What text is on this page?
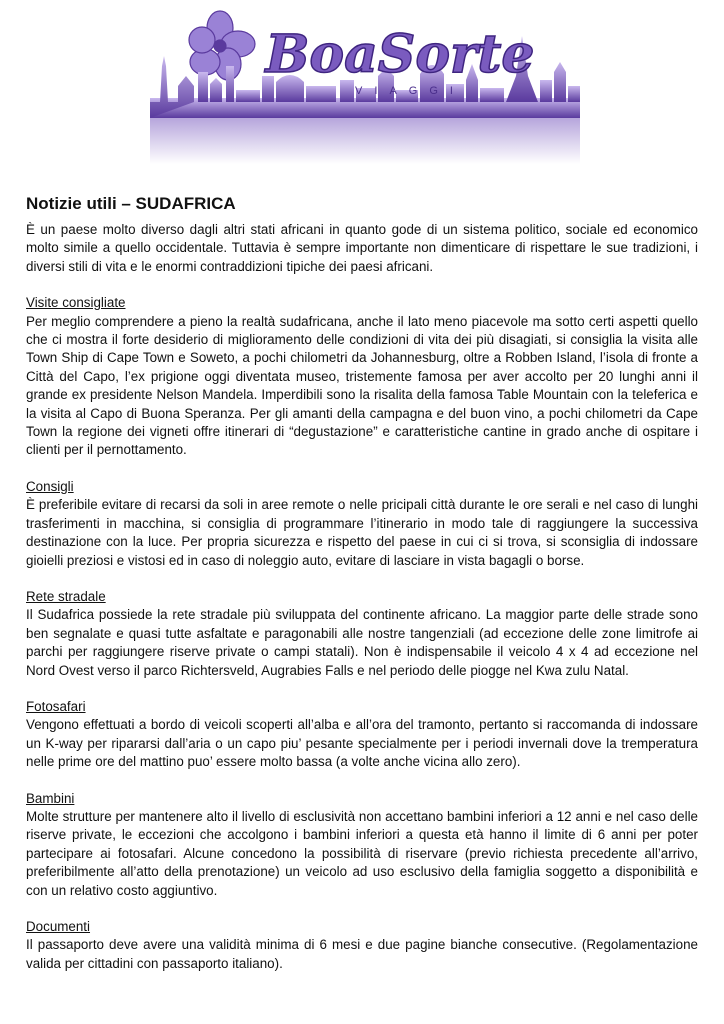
BoaSorte
VIAGGI
Notizie utili – SUDAFRICA

È un paese molto diverso dagli altri stati africani in quanto gode di un sistema politico, sociale ed economico molto simile a quello occidentale. Tuttavia è sempre importante non dimenticare di rispettare le sue tradizioni, i diversi stili di vita e le enormi contraddizioni tipiche dei paesi africani.

Visite consigliate

Per meglio comprendere a pieno la realtà sudafricana, anche il lato meno piacevole ma sotto certi aspetti quello che ci mostra il forte desiderio di miglioramento delle condizioni di vita dei più disagiati, si consiglia la visita alle Town Ship di Cape Town e Soweto, a pochi chilometri da Johannesburg, oltre a Robben Island, l’isola di fronte a Città del Capo, l’ex prigione oggi diventata museo, tristemente famosa per aver accolto per 20 lunghi anni il grande ex presidente Nelson Mandela. Imperdibili sono la risalita della famosa Table Mountain con la teleferica e la visita al Capo di Buona Speranza. Per gli amanti della campagna e del buon vino, a pochi chilometri da Cape Town la regione dei vigneti offre itinerari di “degustazione” e caratteristiche cantine in grado anche di ospitare i clienti per il pernottamento.

Consigli

È preferibile evitare di recarsi da soli in aree remote o nelle pricipali città durante le ore serali e nel caso di lunghi trasferimenti in macchina, si consiglia di programmare l’itinerario in modo tale di raggiungere la successiva destinazione con la luce. Per propria sicurezza e rispetto del paese in cui ci si trova, si sconsiglia di indossare gioielli preziosi e vistosi ed in caso di noleggio auto, evitare di lasciare in vista bagagli o borse.

Rete stradale

Il Sudafrica possiede la rete stradale più sviluppata del continente africano. La maggior parte delle strade sono ben segnalate e quasi tutte asfaltate e paragonabili alle nostre tangenziali (ad eccezione delle zone limitrofe ai parchi per raggiungere riserve private o campi statali). Non è indispensabile il veicolo 4 x 4 ad eccezione nel Nord Ovest verso il parco Richtersveld, Augrabies Falls e nel periodo delle piogge nel Kwa zulu Natal.

Fotosafari

Vengono effettuati a bordo di veicoli scoperti all’alba e all’ora del tramonto, pertanto si raccomanda di indossare un K-way per ripararsi dall’aria o un capo piu’ pesante specialmente per i periodi invernali dove la tremperatura nelle prime ore del mattino puo’ essere molto bassa (a volte anche vicina allo zero).

Bambini

Molte strutture per mantenere alto il livello di esclusività non accettano bambini inferiori a 12 anni e nel caso delle riserve private, le eccezioni che accolgono i bambini inferiori a questa età hanno il limite di 6 anni per poter partecipare ai fotosafari. Alcune concedono la possibilità di riservare (previo richiesta precedente all’arrivo, preferibilmente all’atto della prenotazione) un veicolo ad uso esclusivo della famiglia soggetto a disponibilità e con un relativo costo aggiuntivo.

Documenti

Il passaporto deve avere una validità minima di 6 mesi e due pagine bianche consecutive. (Regolamentazione valida per cittadini con passaporto italiano).
